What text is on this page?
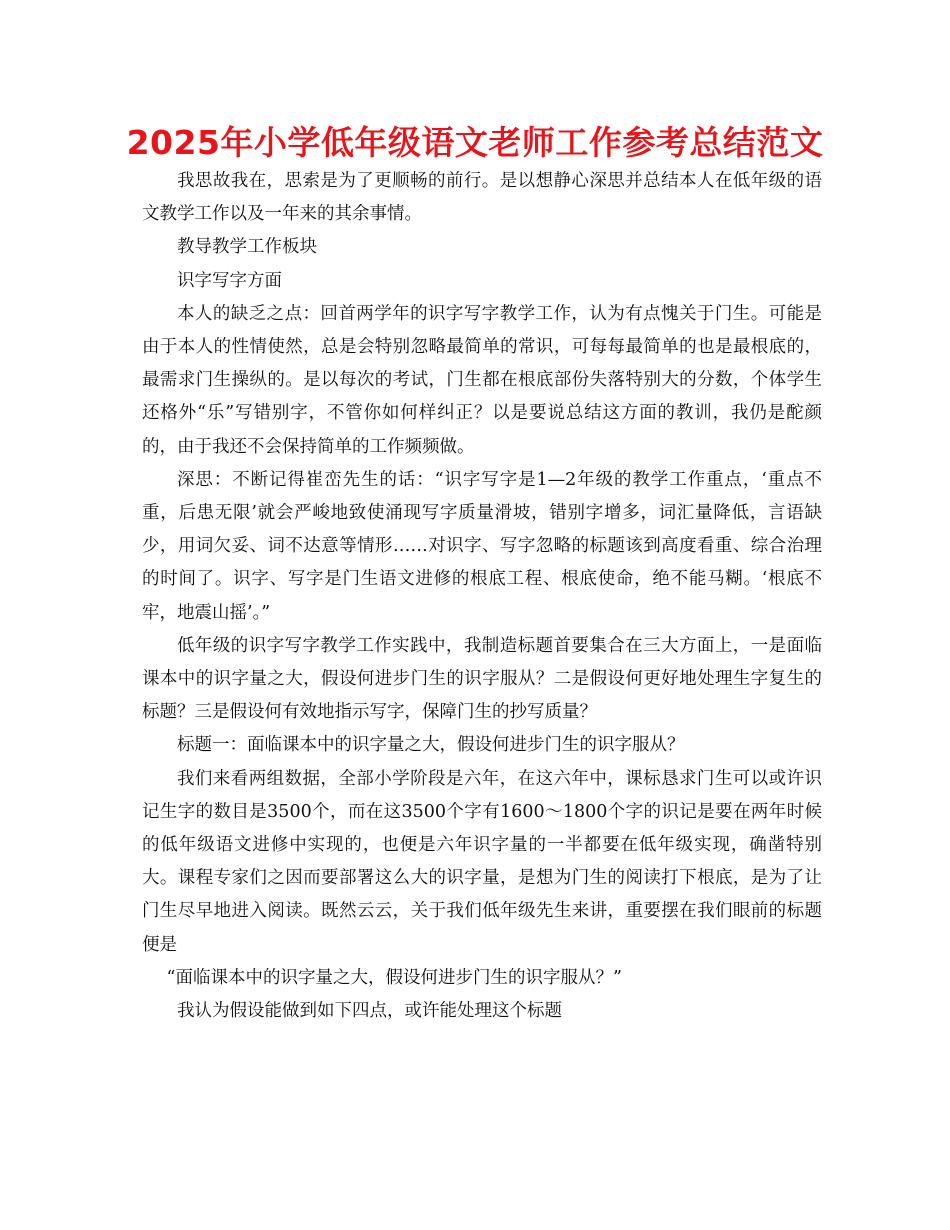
2025年小学低年级语文老师工作参考总结范文

我思故我在，思索是为了更顺畅的前行。是以想静心深思并总结本人在低年级的语文教学工作以及一年来的其余事情。

教导教学工作板块

识字写字方面

本人的缺乏之点：回首两学年的识字写字教学工作，认为有点愧关于门生。可能是由于本人的性情使然，总是会特别忽略最简单的常识，可每每最简单的也是最根底的，最需求门生操纵的。是以每次的考试，门生都在根底部份失落特别大的分数，个体学生还格外“乐”写错别字，不管你如何样纠正？以是要说总结这方面的教训，我仍是酡颜的，由于我还不会保持简单的工作频频做。

深思：不断记得崔峦先生的话：“识字写字是1—2年级的教学工作重点，‘重点不重，后患无限’就会严峻地致使涌现写字质量滑坡，错别字增多，词汇量降低，言语缺少，用词欠妥、词不达意等情形……对识字、写字忽略的标题该到高度看重、综合治理的时间了。识字、写字是门生语文进修的根底工程、根底使命，绝不能马糊。‘根底不牢，地震山摇’。”

低年级的识字写字教学工作实践中，我制造标题首要集合在三大方面上，一是面临课本中的识字量之大，假设何进步门生的识字服从？二是假设何更好地处理生字复生的标题？三是假设何有效地指示写字，保障门生的抄写质量？

标题一：面临课本中的识字量之大，假设何进步门生的识字服从？

我们来看两组数据，全部小学阶段是六年，在这六年中，课标恳求门生可以或许识记生字的数目是3500个，而在这3500个字有1600～1800个字的识记是要在两年时候的低年级语文进修中实现的，也便是六年识字量的一半都要在低年级实现，确凿特别大。课程专家们之因而要部署这么大的识字量，是想为门生的阅读打下根底，是为了让门生尽早地进入阅读。既然云云，关于我们低年级先生来讲，重要摆在我们眼前的标题便是

“面临课本中的识字量之大，假设何进步门生的识字服从？”

我认为假设能做到如下四点，或许能处理这个标题
